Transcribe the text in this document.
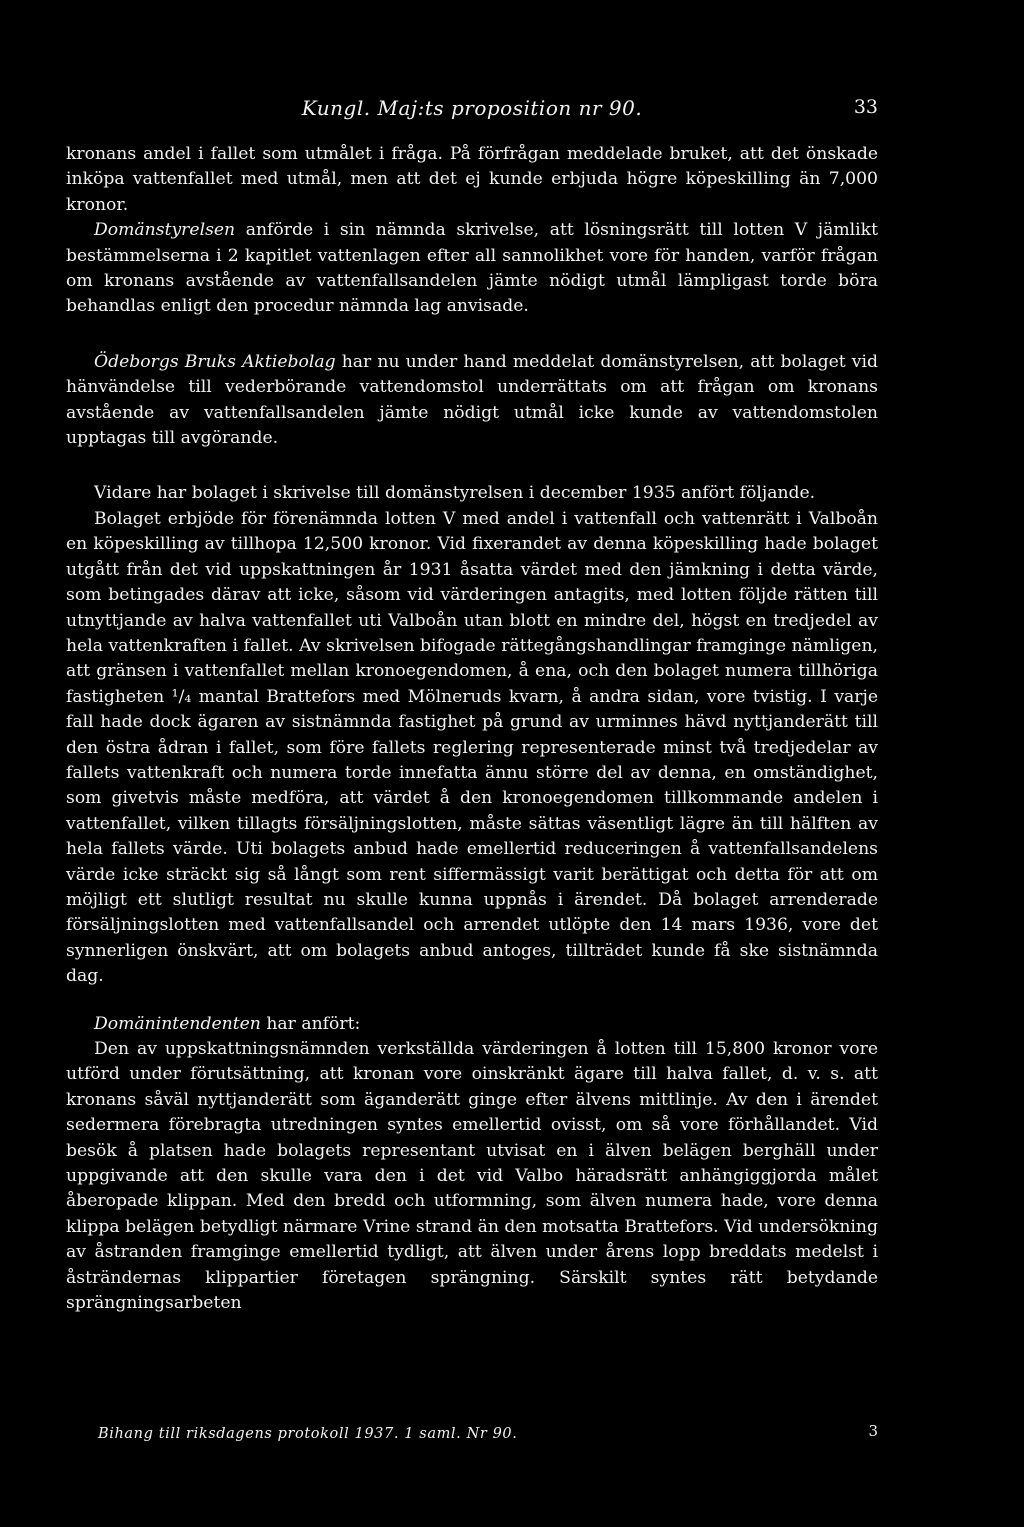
Kungl. Maj:ts proposition nr 90.	33

kronans andel i fallet som utmålet i fråga. På förfrågan meddelade bruket, att det önskade inköpa vattenfallet med utmål, men att det ej kunde erbjuda högre köpeskilling än 7,000 kronor.

Domänstyrelsen anförde i sin nämnda skrivelse, att lösningsrätt till lotten V jämlikt bestämmelserna i 2 kapitlet vattenlagen efter all sannolikhet vore för handen, varför frågan om kronans avstående av vattenfallsandelen jämte nödigt utmål lämpligast torde böra behandlas enligt den procedur nämnda lag anvisade.

Ödeborgs Bruks Aktiebolag har nu under hand meddelat domänstyrelsen, att bolaget vid hänvändelse till vederbörande vattendomstol underrättats om att frågan om kronans avstående av vattenfallsandelen jämte nödigt utmål icke kunde av vattendomstolen upptagas till avgörande.

Vidare har bolaget i skrivelse till domänstyrelsen i december 1935 anfört följande.

Bolaget erbjöde för förenämnda lotten V med andel i vattenfall och vattenrätt i Valboån en köpeskilling av tillhopa 12,500 kronor. Vid fixerandet av denna köpeskilling hade bolaget utgått från det vid uppskattningen år 1931 åsatta värdet med den jämkning i detta värde, som betingades därav att icke, såsom vid värderingen antagits, med lotten följde rätten till utnyttjande av halva vattenfallet uti Valboån utan blott en mindre del, högst en tredjedel av hela vattenkraften i fallet. Av skrivelsen bifogade rättegångshandlingar framginge nämligen, att gränsen i vattenfallet mellan kronoegendomen, å ena, och den bolaget numera tillhöriga fastigheten ¹/₄ mantal Brattefors med Mölneruds kvarn, å andra sidan, vore tvistig. I varje fall hade dock ägaren av sistnämnda fastighet på grund av urminnes hävd nyttjanderätt till den östra ådran i fallet, som före fallets reglering representerade minst två tredjedelar av fallets vattenkraft och numera torde innefatta ännu större del av denna, en omständighet, som givetvis måste medföra, att värdet å den kronoegendomen tillkommande andelen i vattenfallet, vilken tillagts försäljningslotten, måste sättas väsentligt lägre än till hälften av hela fallets värde. Uti bolagets anbud hade emellertid reduceringen å vattenfallsandelens värde icke sträckt sig så långt som rent siffermässigt varit berättigat och detta för att om möjligt ett slutligt resultat nu skulle kunna uppnås i ärendet. Då bolaget arrenderade försäljningslotten med vattenfallsandel och arrendet utlöpte den 14 mars 1936, vore det synnerligen önskvärt, att om bolagets anbud antoges, tillträdet kunde få ske sistnämnda dag.

Domänintendenten har anfört:

Den av uppskattningsnämnden verkställda värderingen å lotten till 15,800 kronor vore utförd under förutsättning, att kronan vore oinskränkt ägare till halva fallet, d. v. s. att kronans såväl nyttjanderätt som äganderätt ginge efter älvens mittlinje. Av den i ärendet sedermera förebragta utredningen syntes emellertid ovisst, om så vore förhållandet. Vid besök å platsen hade bolagets representant utvisat en i älven belägen berghäll under uppgivande att den skulle vara den i det vid Valbo häradsrätt anhängiggjorda målet åberopade klippan. Med den bredd och utformning, som älven numera hade, vore denna klippa belägen betydligt närmare Vrine strand än den motsatta Brattefors. Vid undersökning av åstranden framginge emellertid tydligt, att älven under årens lopp breddats medelst i åsträndernas klippartier företagen sprängning. Särskilt syntes rätt betydande sprängningsarbeten

Bihang till riksdagens protokoll 1937. 1 saml. Nr 90.	3
